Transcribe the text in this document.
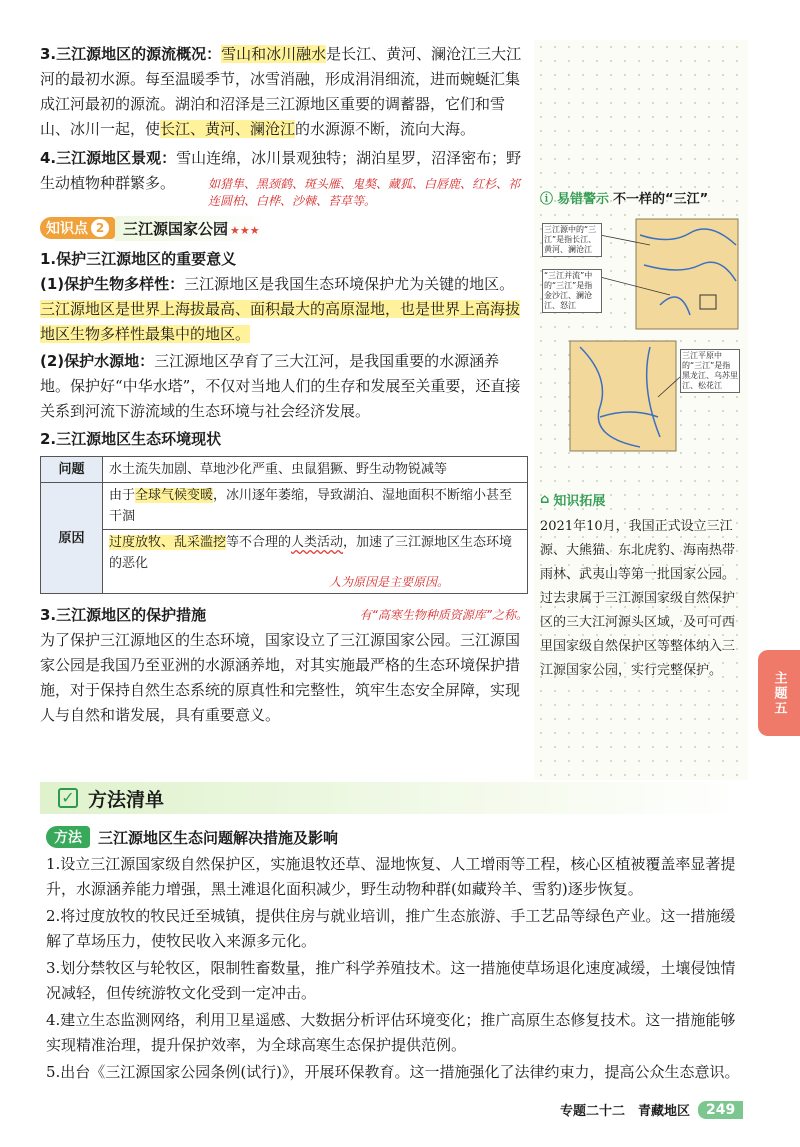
3.三江源地区的源流概况：雪山和冰川融水是长江、黄河、澜沧江三大江河的最初水源。每至温暖季节，冰雪消融，形成涓涓细流，进而蜿蜒汇集成江河最初的源流。湖泊和沼泽是三江源地区重要的调蓄器，它们和雪山、冰川一起，使长江、黄河、澜沧江的水源源不断，流向大海。

4.三江源地区景观：雪山连绵，冰川景观独特；湖泊星罗，沼泽密布；野生动植物种群繁多。	如猎隼、黑颈鹤、斑头雁、鬼獒、藏狐、白唇鹿、红杉、祁连圆柏、白桦、沙棘、苔草等。
知识点 2	三江源国家公园 ★★★
1.保护三江源地区的重要意义

(1)保护生物多样性：三江源地区是我国生态环境保护尤为关键的地区。三江源地区是世界上海拔最高、面积最大的高原湿地，也是世界上高海拔地区生物多样性最集中的地区。

(2)保护水源地：三江源地区孕育了三大江河，是我国重要的水源涵养地。保护好“中华水塔”，不仅对当地人们的生存和发展至关重要，还直接关系到河流下游流域的生态环境与社会经济发展。

2.三江源地区生态环境现状
问题	水土流失加剧、草地沙化严重、虫鼠猖獗、野生动物锐减等
原因	由于全球气候变暖，冰川逐年萎缩，导致湖泊、湿地面积不断缩小甚至干涸
	过度放牧、乱采滥挖等不合理的人类活动，加速了三江源地区生态环境的恶化
人为原因是主要原因。
3.三江源地区的保护措施	有“高寒生物种质资源库”之称。

为了保护三江源地区的生态环境，国家设立了三江源国家公园。三江源国家公园是我国乃至亚洲的水源涵养地，对其实施最严格的生态环境保护措施，对于保持自然生态系统的原真性和完整性，筑牢生态安全屏障，实现人与自然和谐发展，具有重要意义。

ⓘ 易错警示 不一样的“三江”
三江源中的“三江”是指长江、黄河、澜沧江
“三江并流”中的“三江”是指金沙江、澜沧江、怒江
三江平原中的“三江”是指黑龙江、乌苏里江、松花江
⌂ 知识拓展

2021年10月，我国正式设立三江源、大熊猫、东北虎豹、海南热带雨林、武夷山等第一批国家公园。过去隶属于三江源国家级自然保护区的三大江河源头区域，及可可西里国家级自然保护区等整体纳入三江源国家公园，实行完整保护。	主题五
✓ 方法清单
方法	三江源地区生态问题解决措施及影响
1.设立三江源国家级自然保护区，实施退牧还草、湿地恢复、人工增雨等工程，核心区植被覆盖率显著提升，水源涵养能力增强，黑土滩退化面积减少，野生动物种群(如藏羚羊、雪豹)逐步恢复。
2.将过度放牧的牧民迁至城镇，提供住房与就业培训，推广生态旅游、手工艺品等绿色产业。这一措施缓解了草场压力，使牧民收入来源多元化。
3.划分禁牧区与轮牧区，限制牲畜数量，推广科学养殖技术。这一措施使草场退化速度减缓，土壤侵蚀情况减轻，但传统游牧文化受到一定冲击。
4.建立生态监测网络，利用卫星遥感、大数据分析评估环境变化；推广高原生态修复技术。这一措施能够实现精准治理，提升保护效率，为全球高寒生态保护提供范例。
5.出台《三江源国家公园条例(试行)》，开展环保教育。这一措施强化了法律约束力，提高公众生态意识。
专题二十二　青藏地区	249
